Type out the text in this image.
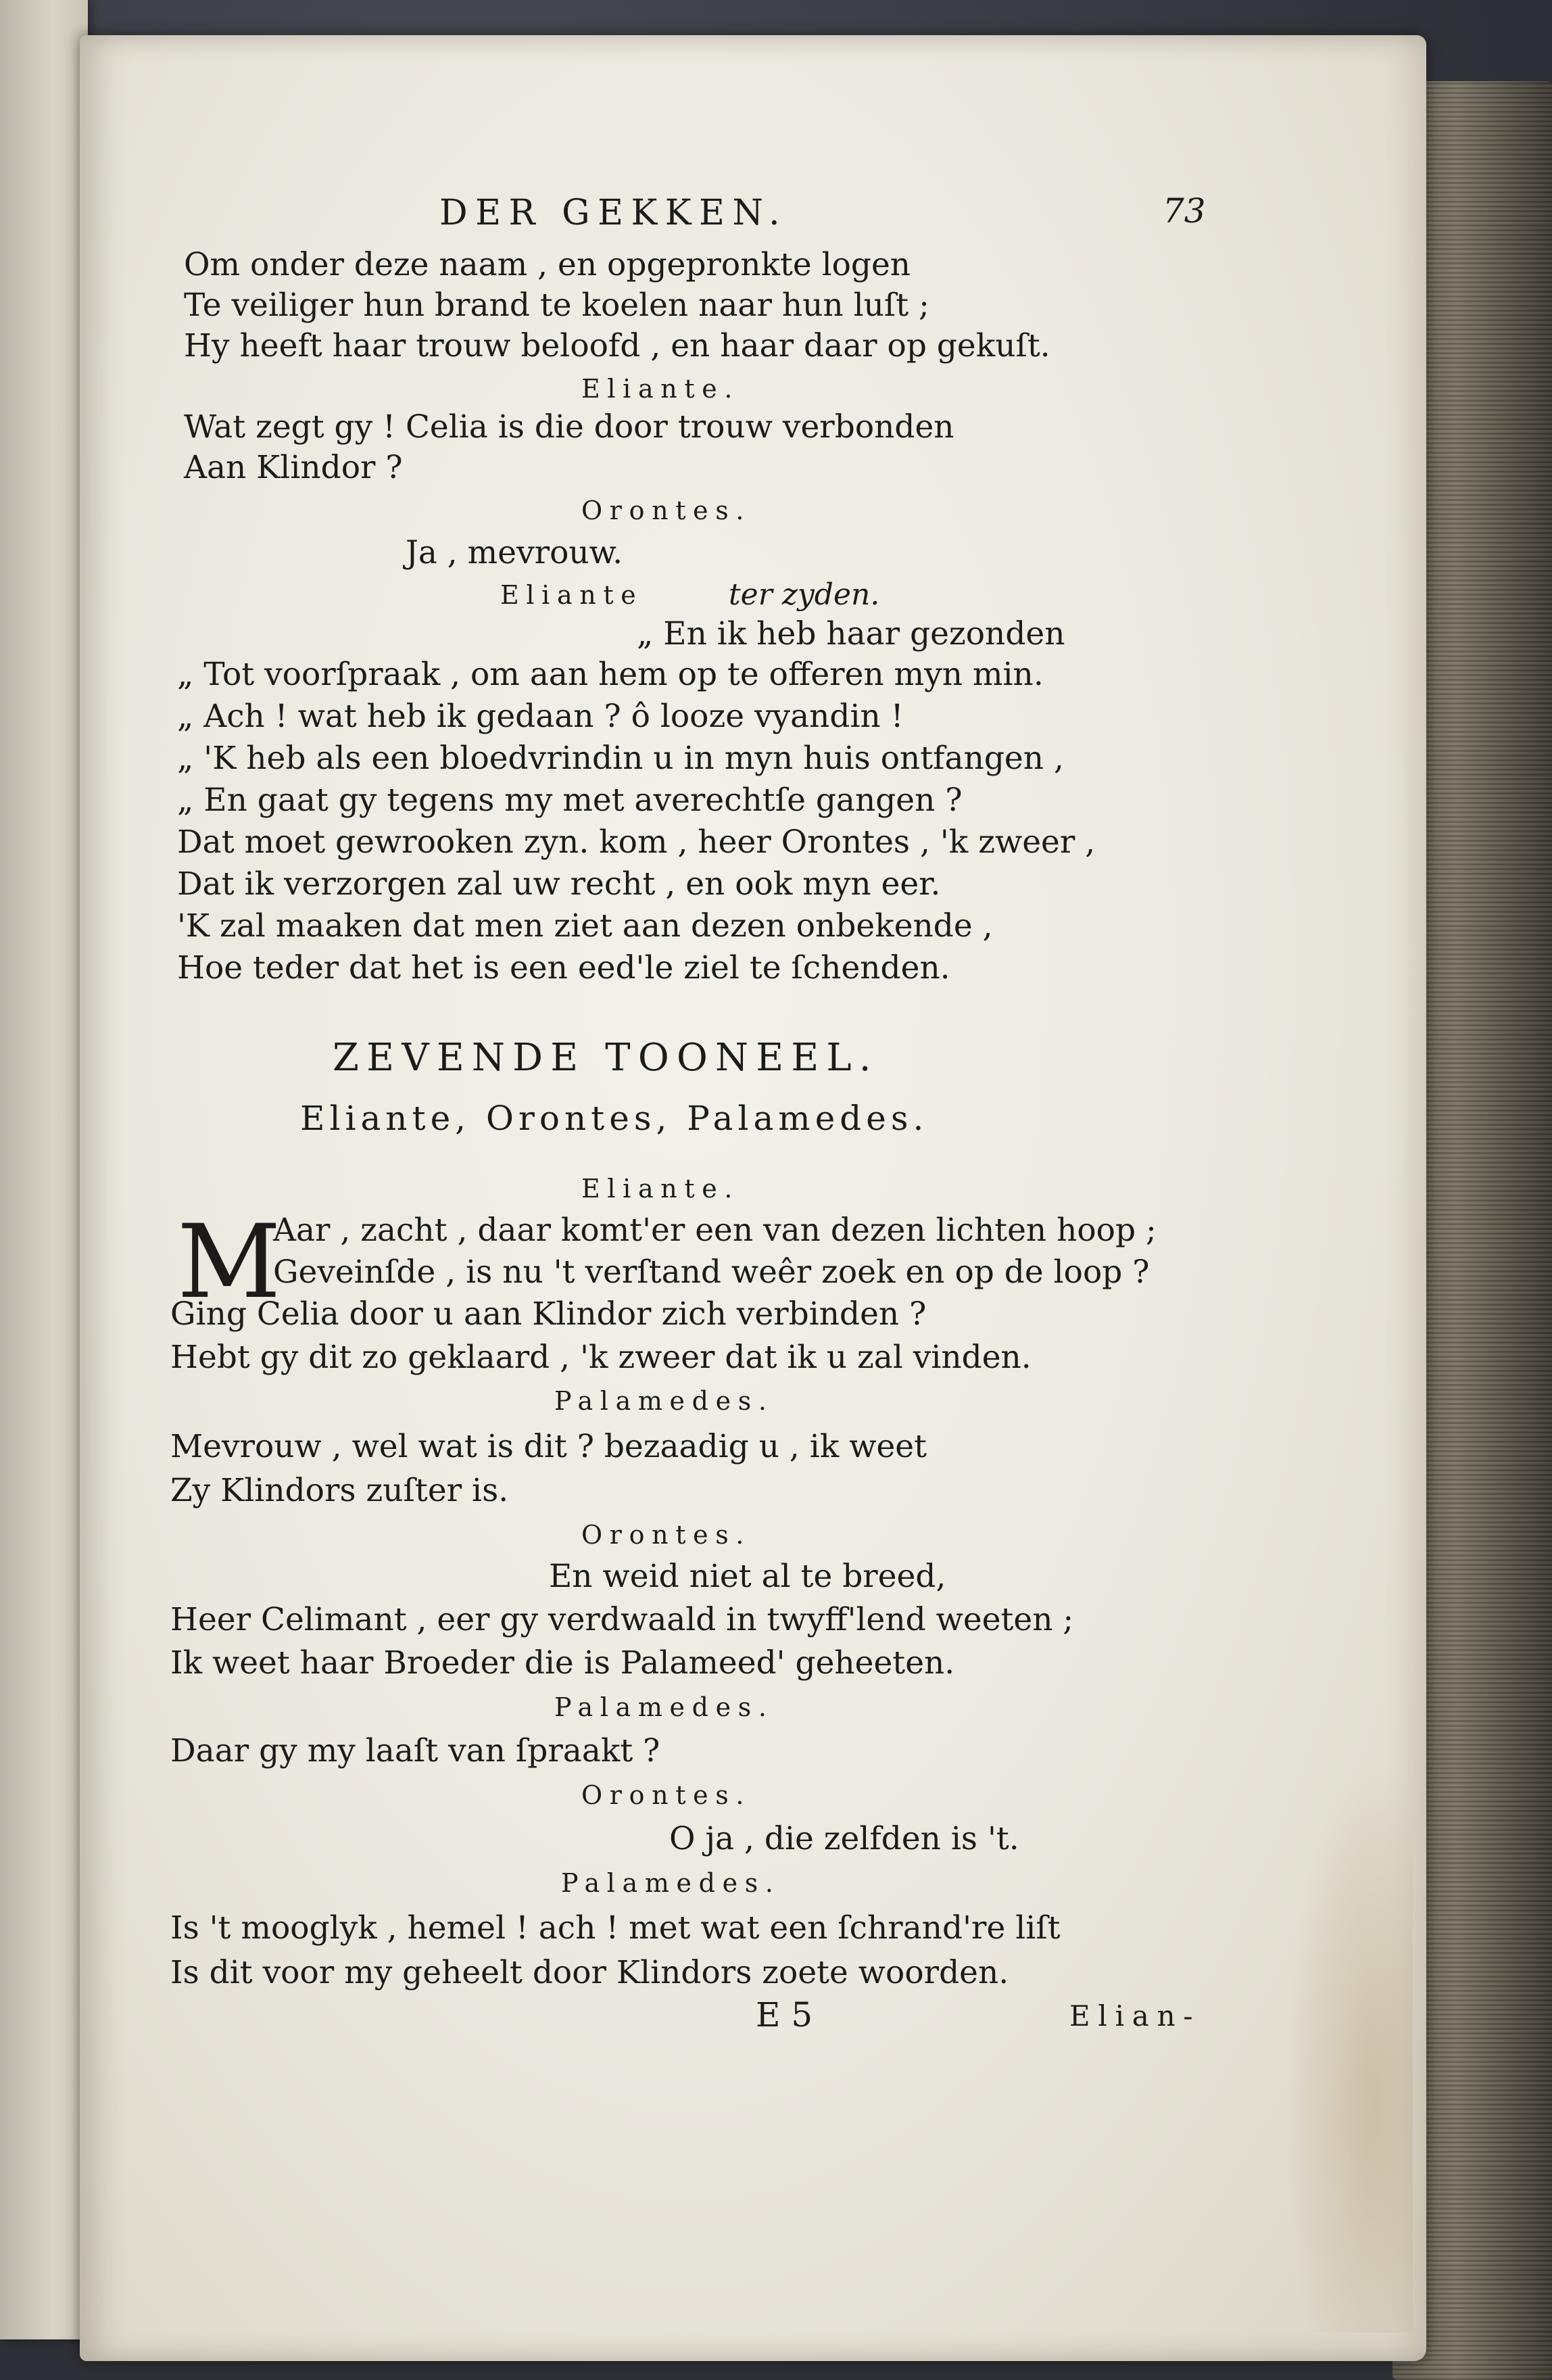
DER GEKKEN.	73
Om onder deze naam , en opgepronkte logen
Te veiliger hun brand te koelen naar hun luſt ;
Hy heeft haar trouw beloofd , en haar daar op gekuſt.
Eliante.
Wat zegt gy ! Celia is die door trouw verbonden
Aan Klindor ?
Orontes.
Ja , mevrouw.
Eliante	ter zyden.
„ En ik heb haar gezonden
„ Tot voorſpraak , om aan hem op te offeren myn min.
„ Ach ! wat heb ik gedaan ? ô looze vyandin !
„ 'K heb als een bloedvrindin u in myn huis ontfangen ,
„ En gaat gy tegens my met averechtſe gangen ?
Dat moet gewrooken zyn. kom , heer Orontes , 'k zweer ,
Dat ik verzorgen zal uw recht , en ook myn eer.
'K zal maaken dat men ziet aan dezen onbekende ,
Hoe teder dat het is een eed'le ziel te ſchenden.
ZEVENDE TOONEEL.
Eliante, Orontes, Palamedes.
Eliante.
M
Aar , zacht , daar komt'er een van dezen lichten hoop ;
Geveinſde , is nu 't verſtand weêr zoek en op de loop ?
Ging Celia door u aan Klindor zich verbinden ?
Hebt gy dit zo geklaard , 'k zweer dat ik u zal vinden.
Palamedes.
Mevrouw , wel wat is dit ? bezaadig u , ik weet
Zy Klindors zuſter is.
Orontes.
En weid niet al te breed,
Heer Celimant , eer gy verdwaald in twyff'lend weeten ;
Ik weet haar Broeder die is Palameed' geheeten.
Palamedes.
Daar gy my laaſt van ſpraakt ?
Orontes.
O ja , die zelfden is 't.
Palamedes.
Is 't mooglyk , hemel ! ach ! met wat een ſchrand're liſt
Is dit voor my geheelt door Klindors zoete woorden.
E 5	Elian-
